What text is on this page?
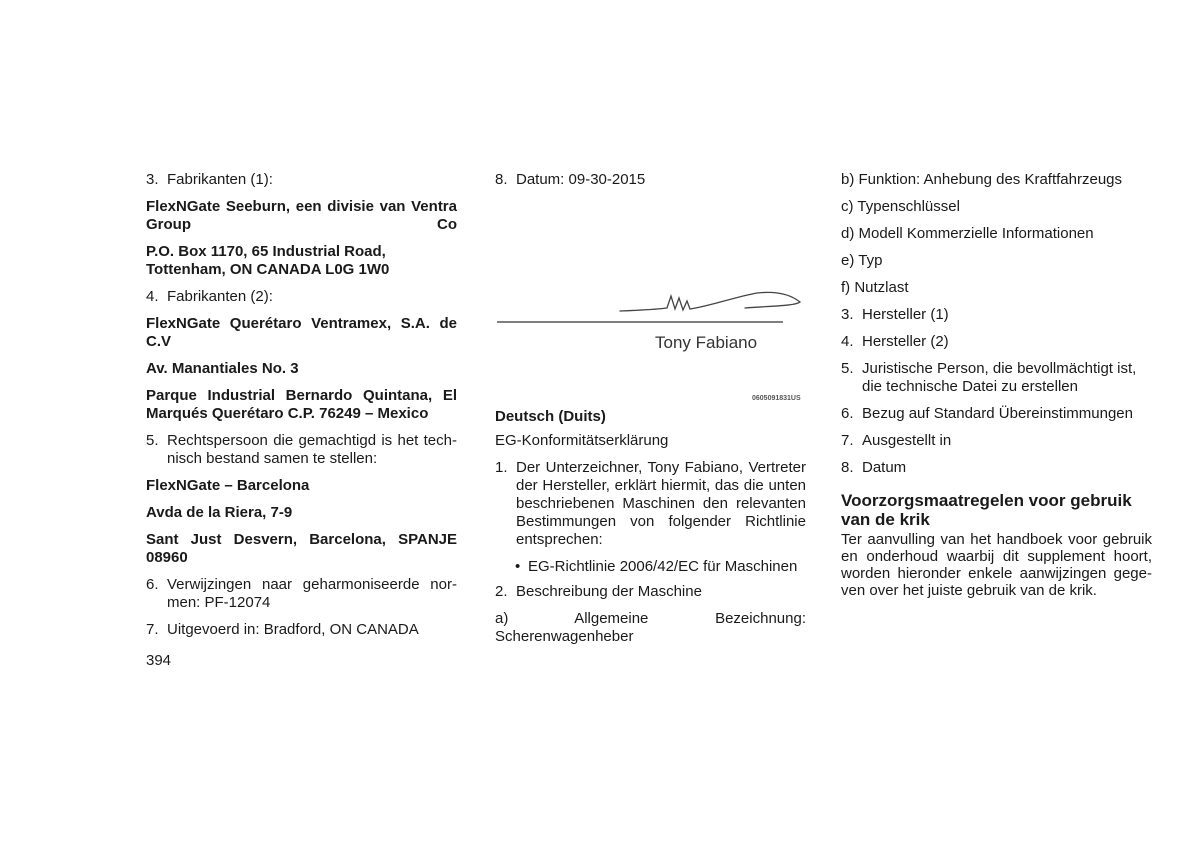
3. Fabrikanten (1):

FlexNGate Seeburn, een divisie van Ventra Group Co

P.O. Box 1170, 65 Industrial Road, Tottenham, ON CANADA L0G 1W0

4. Fabrikanten (2):

FlexNGate Querétaro Ventramex, S.A. de C.V

Av. Manantiales No. 3

Parque Industrial Bernardo Quintana, El Marqués Querétaro C.P. 76249 – Mexico

5. Rechtspersoon die gemachtigd is het technisch bestand samen te stellen:

FlexNGate – Barcelona

Avda de la Riera, 7-9

Sant Just Desvern, Barcelona, SPANJE 08960

6. Verwijzingen naar geharmoniseerde normen: PF-12074
7. Uitgevoerd in: Bradford, ON CANADA
394
8. Datum: 09-30-2015
Tony Fabiano
0605091831US

Deutsch (Duits)

EG-Konformitätserklärung

1. Der Unterzeichner, Tony Fabiano, Vertreter der Hersteller, erklärt hiermit, das die unten beschriebenen Maschinen den relevanten Bestimmungen von folgender Richtlinie entsprechen:
• EG-Richtlinie 2006/42/EC für Maschinen
2. Beschreibung der Maschine

a) Allgemeine Bezeichnung: Scherenwagenheber

b) Funktion: Anhebung des Kraftfahrzeugs

c) Typenschlüssel

d) Modell Kommerzielle Informationen

e) Typ

f) Nutzlast

3. Hersteller (1)
4. Hersteller (2)
5. Juristische Person, die bevollmächtigt ist, die technische Datei zu erstellen
6. Bezug auf Standard Übereinstimmungen
7. Ausgestellt in
8. Datum
Voorzorgsmaatregelen voor gebruik van de krik

Ter aanvulling van het handboek voor gebruik en onderhoud waarbij dit supplement hoort, worden hieronder enkele aanwijzingen gegeven over het juiste gebruik van de krik.
